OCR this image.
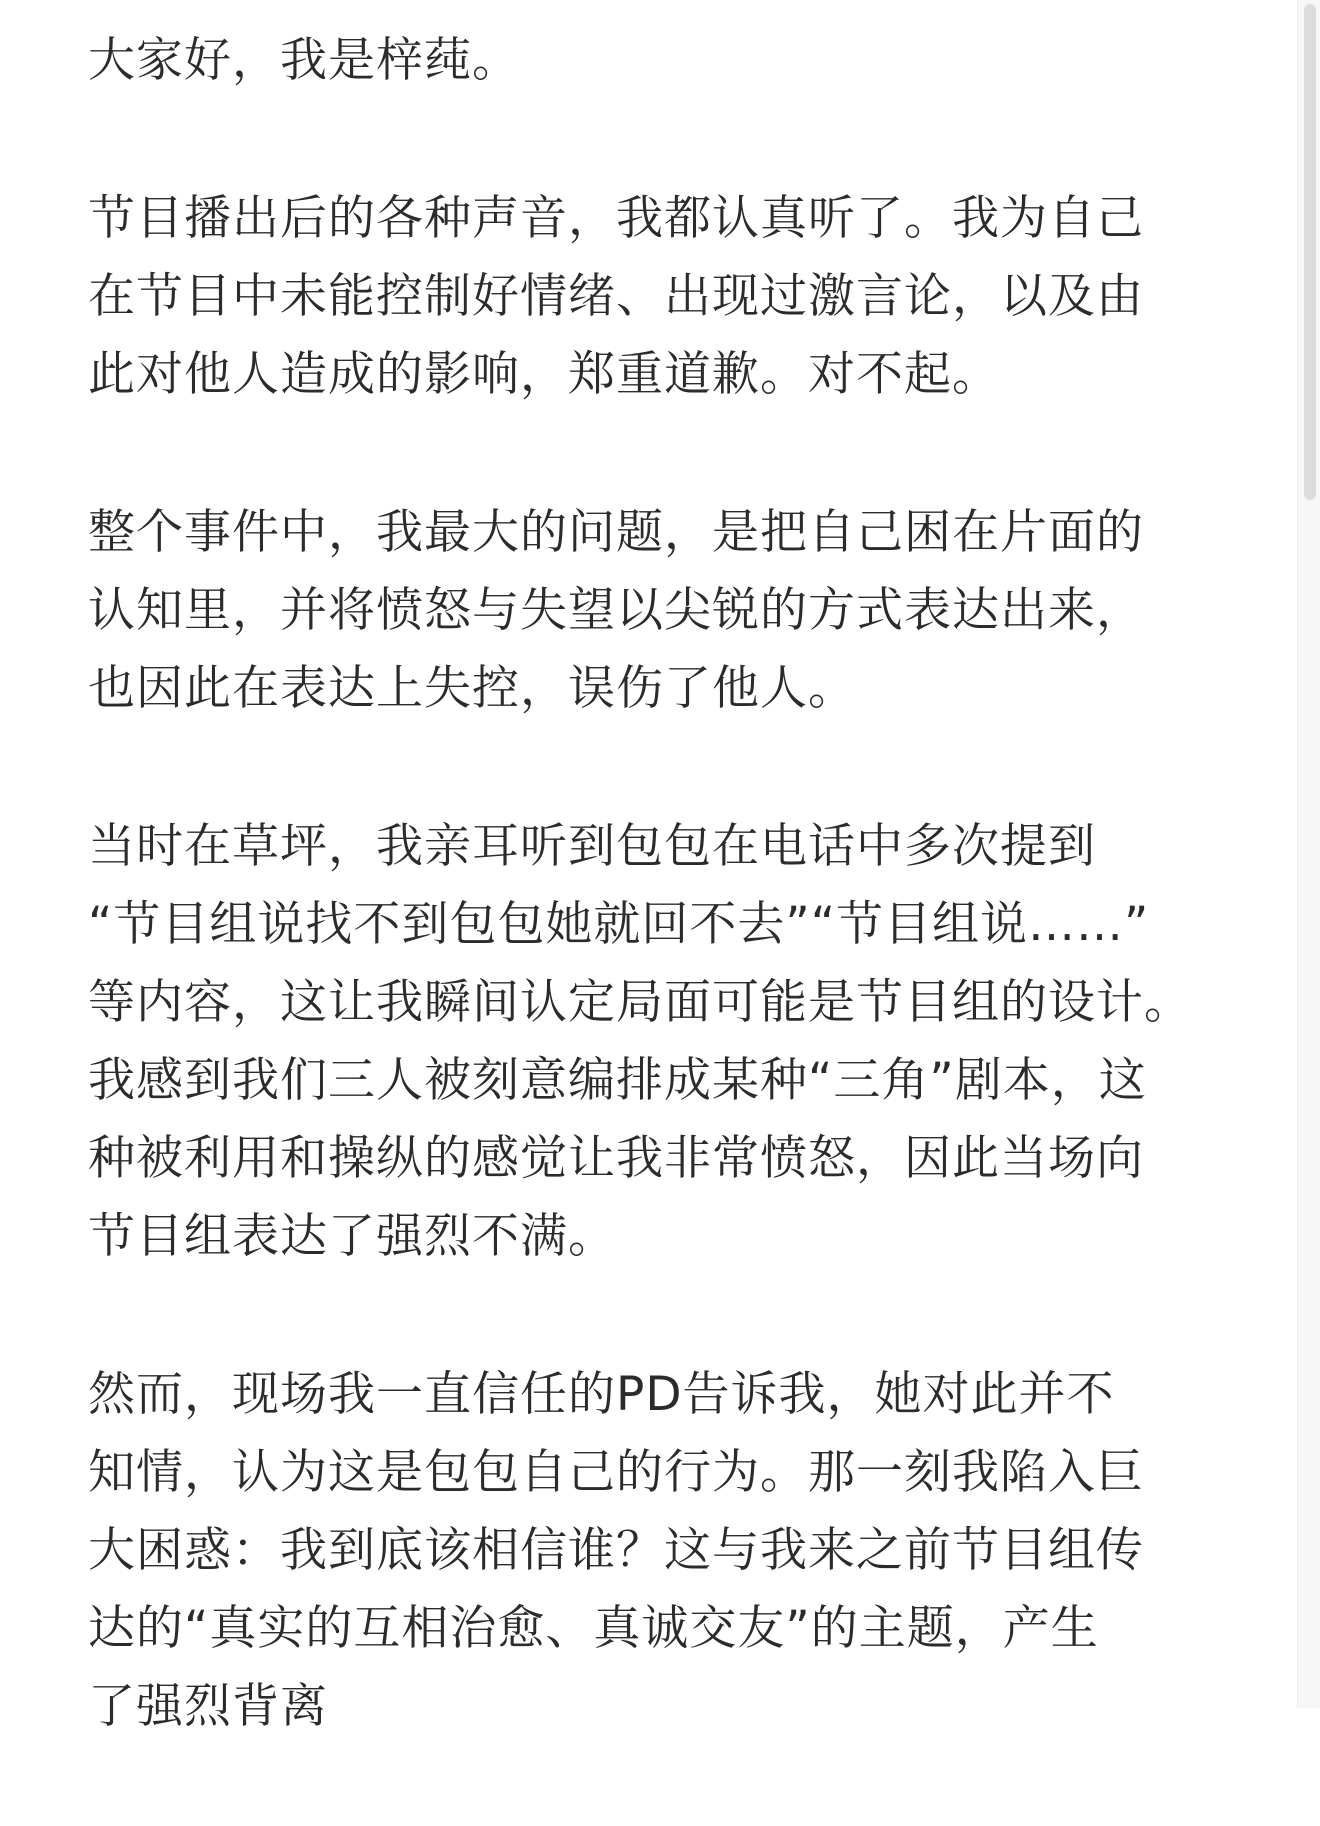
大家好，我是梓莼。

节目播出后的各种声音，我都认真听了。我为自己
在节目中未能控制好情绪、出现过激言论，以及由
此对他人造成的影响，郑重道歉。对不起。

整个事件中，我最大的问题，是把自己困在片面的
认知里，并将愤怒与失望以尖锐的方式表达出来，
也因此在表达上失控，误伤了他人。

当时在草坪，我亲耳听到包包在电话中多次提到
“节目组说找不到包包她就回不去”“节目组说……”
等内容，这让我瞬间认定局面可能是节目组的设计。
我感到我们三人被刻意编排成某种“三角”剧本，这
种被利用和操纵的感觉让我非常愤怒，因此当场向
节目组表达了强烈不满。

然而，现场我一直信任的PD告诉我，她对此并不
知情，认为这是包包自己的行为。那一刻我陷入巨
大困惑：我到底该相信谁？这与我来之前节目组传
达的“真实的互相治愈、真诚交友”的主题，产生
了强烈背离
